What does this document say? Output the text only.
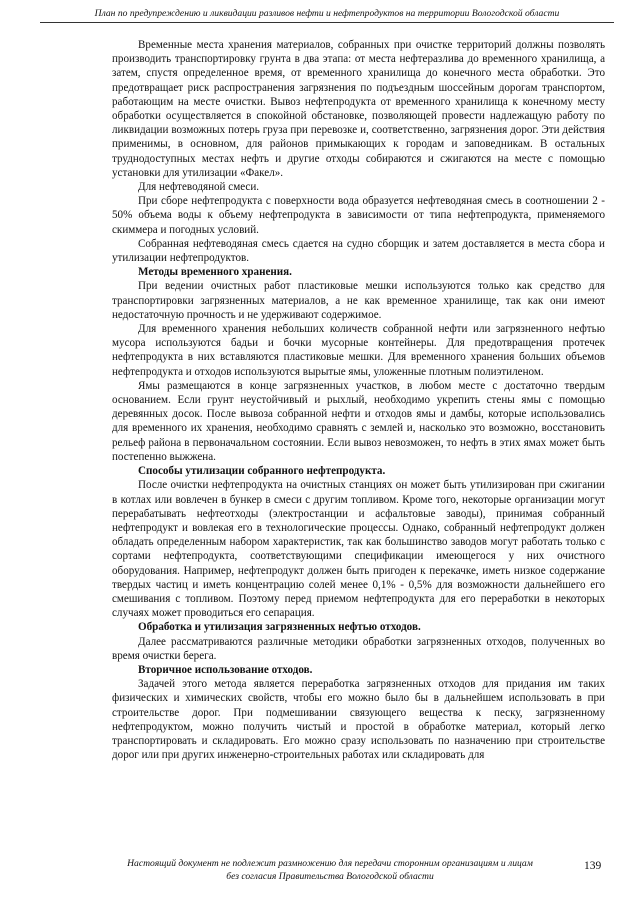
План по предупреждению и ликвидации разливов нефти и нефтепродуктов на территории Вологодской области

Временные места хранения материалов, собранных при очистке территорий должны позволять производить транспортировку грунта в два этапа: от места нефтеразлива до временного хранилища, а затем, спустя определенное время, от временного хранилища до конечного места обработки. Это предотвращает риск распространения загрязнения по подъездным шоссейным дорогам транспортом, работающим на месте очистки. Вывоз нефтепродукта от временного хранилища к конечному месту обработки осуществляется в спокойной обстановке, позволяющей провести надлежащую работу по ликвидации возможных потерь груза при перевозке и, соответственно, загрязнения дорог. Эти действия применимы, в основном, для районов примыкающих к городам и заповедникам. В остальных труднодоступных местах нефть и другие отходы собираются и сжигаются на месте с помощью установки для утилизации «Факел».

Для нефтеводяной смеси.

При сборе нефтепродукта с поверхности вода образуется нефтеводяная смесь в соотношении 2 - 50% объема воды к объему нефтепродукта в зависимости от типа нефтепродукта, применяемого скиммера и погодных условий.

Собранная нефтеводяная смесь сдается на судно сборщик и затем доставляется в места сбора и утилизации нефтепродуктов.

Методы временного хранения.

При ведении очистных работ пластиковые мешки используются только как средство для транспортировки загрязненных материалов, а не как временное хранилище, так как они имеют недостаточную прочность и не удерживают содержимое.

Для временного хранения небольших количеств собранной нефти или загрязненного нефтью мусора используются бадьи и бочки мусорные контейнеры. Для предотвращения протечек нефтепродукта в них вставляются пластиковые мешки. Для временного хранения больших объемов нефтепродукта и отходов используются вырытые ямы, уложенные плотным полиэтиленом.

Ямы размещаются в конце загрязненных участков, в любом месте с достаточно твердым основанием. Если грунт неустойчивый и рыхлый, необходимо укрепить стены ямы с помощью деревянных досок. После вывоза собранной нефти и отходов ямы и дамбы, которые использовались для временного их хранения, необходимо сравнять с землей и, насколько это возможно, восстановить рельеф района в первоначальном состоянии. Если вывоз невозможен, то нефть в этих ямах может быть постепенно выжжена.

Способы утилизации собранного нефтепродукта.

После очистки нефтепродукта на очистных станциях он может быть утилизирован при сжигании в котлах или вовлечен в бункер в смеси с другим топливом. Кроме того, некоторые организации могут перерабатывать нефтеотходы (электростанции и асфальтовые заводы), принимая собранный нефтепродукт и вовлекая его в технологические процессы. Однако, собранный нефтепродукт должен обладать определенным набором характеристик, так как большинство заводов могут работать только с сортами нефтепродукта, соответствующими спецификации имеющегося у них очистного оборудования. Например, нефтепродукт должен быть пригоден к перекачке, иметь низкое содержание твердых частиц и иметь концентрацию солей менее 0,1% - 0,5% для возможности дальнейшего его смешивания с топливом. Поэтому перед приемом нефтепродукта для его переработки в некоторых случаях может проводиться его сепарация.

Обработка и утилизация загрязненных нефтью отходов.

Далее рассматриваются различные методики обработки загрязненных отходов, полученных во время очистки берега.

Вторичное использование отходов.

Задачей этого метода является переработка загрязненных отходов для придания им таких физических и химических свойств, чтобы его можно было бы в дальнейшем использовать в при строительстве дорог. При подмешивании связующего вещества к песку, загрязненному нефтепродуктом, можно получить чистый и простой в обработке материал, который легко транспортировать и складировать. Его можно сразу использовать по назначению при строительстве дорог или при других инженерно-строительных работах или складировать для

Настоящий документ не подлежит размножению для передачи сторонним организациям и лицам
без согласия Правительства Вологодской области
139
